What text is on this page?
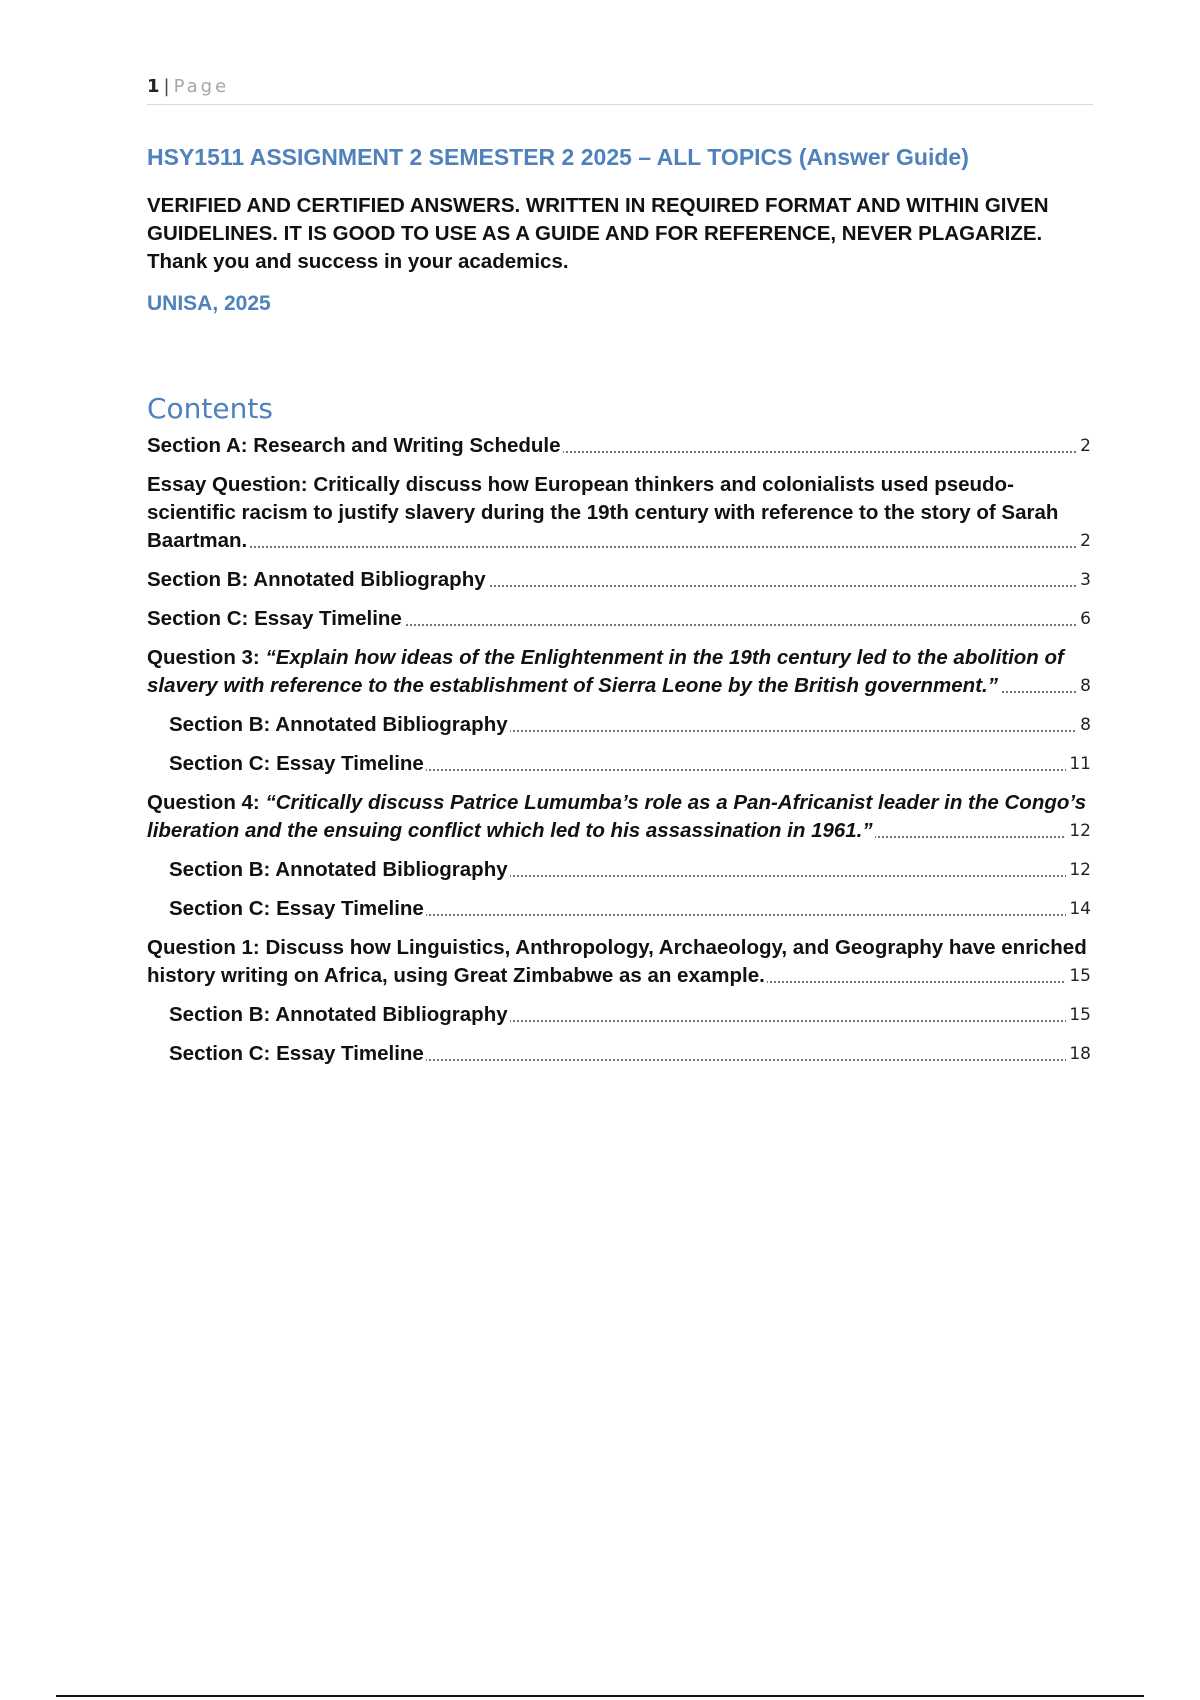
1 | Page
HSY1511 ASSIGNMENT 2 SEMESTER 2 2025 – ALL TOPICS (Answer Guide)
VERIFIED AND CERTIFIED ANSWERS. WRITTEN IN REQUIRED FORMAT AND WITHIN GIVEN GUIDELINES. IT IS GOOD TO USE AS A GUIDE AND FOR REFERENCE, NEVER PLAGARIZE. Thank you and success in your academics.
UNISA, 2025
Contents
Section A: Research and Writing Schedule	2
Essay Question: Critically discuss how European thinkers and colonialists used pseudo-scientific racism to justify slavery during the 19th century with reference to the story of Sarah Baartman.	2
Section B: Annotated Bibliography	3
Section C: Essay Timeline	6
Question 3: “Explain how ideas of the Enlightenment in the 19th century led to the abolition of slavery with reference to the establishment of Sierra Leone by the British government.”	8
Section B: Annotated Bibliography	8
Section C: Essay Timeline	11
Question 4: “Critically discuss Patrice Lumumba’s role as a Pan-Africanist leader in the Congo’s liberation and the ensuing conflict which led to his assassination in 1961.”	12
Section B: Annotated Bibliography	12
Section C: Essay Timeline	14
Question 1: Discuss how Linguistics, Anthropology, Archaeology, and Geography have enriched history writing on Africa, using Great Zimbabwe as an example.	15
Section B: Annotated Bibliography	15
Section C: Essay Timeline	18
